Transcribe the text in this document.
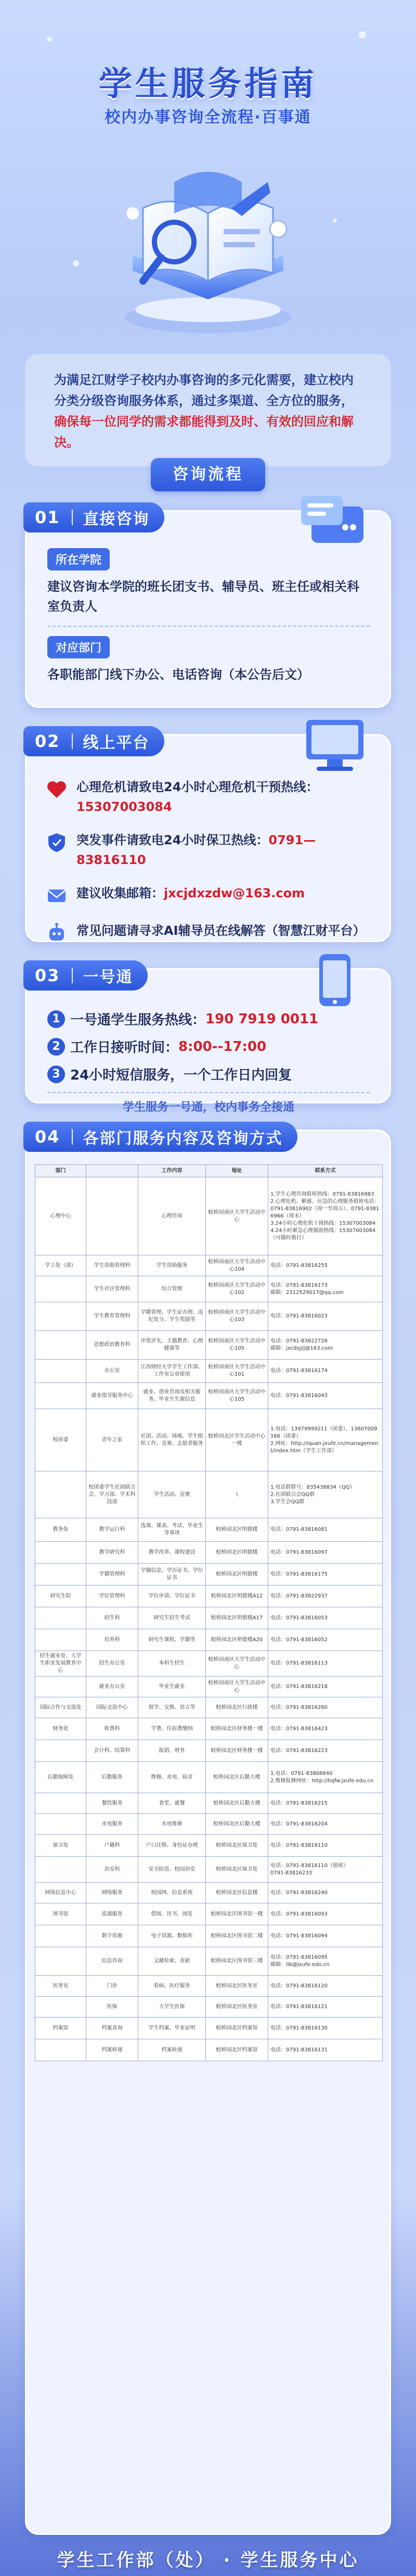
学生服务指南
校内办事咨询全流程·百事通
为满足江财学子校内办事咨询的多元化需要，建立校内分类分级咨询服务体系，通过多渠道、全方位的服务，确保每一位同学的需求都能得到及时、有效的回应和解决。
咨询流程
01 直接咨询
所在学院
建议咨询本学院的班长团支书、辅导员、班主任或相关科室负责人
对应部门
各职能部门线下办公、电话咨询（本公告后文）
02 线上平台
心理危机请致电24小时心理危机干预热线：15307003084
突发事件请致电24小时保卫热线：0791—83816110
建议收集邮箱：jxcjdxzdw@163.com
常见问题请寻求AI辅导员在线解答（智慧江财平台）
03 一号通
1 一号通学生服务热线： 190 7919 0011
2 工作日接听时间： 8:00--17:00
3 24小时短信服务，一个工作日内回复
学生服务一号通，校内事务全接通
04 各部门服务内容及咨询方式
部门		工作内容	地址	联系方式
心理中心		心理咨询	蛟桥园南区大学生活动中心	1.学生心理咨询值班热线：0791-83816983
2.心理危机、解惑、应急的心理服务值班电话：0791-83816902（周一至周五）、0791-83816966（周末）
3.24小时心理危机干预热线：15307003084
4.24小时紧急心理援助热线：15307003084（可随时拨打）
学工处（部）	学生资助管理科	学生资助服务	蛟桥园南区大学生活动中心104	电话：0791-83816255
	学生社区管理科	综合管理	蛟桥园南区大学生活动中心102	电话：0791-83816173
邮箱：2312529017@qq.com
	学生教育管理科	学籍管理、学生证办理、违纪处分、学生奖励等	蛟桥园南区大学生活动中心103	电话：0791-83816023
	思想政治教育科	评优评先、主题教育、心理健康等	蛟桥园南区大学生活动中心105	电话：0791-83822726
邮箱：jxcdsjzj@163.com
	办公室	江西财经大学学生工作部、工作室公章使用	蛟桥园南区大学生活动中心101	电话：0791-83816174
	就业指导服务中心	就业、创业咨询及相关服务、毕业生生源信息	蛟桥园南区大学生活动中心105	电话：0791-83816043
校团委	青年之家	社团、活动、场地、学生组织工作、竞赛、志愿者服务	蛟桥园北区学生活动中心一楼	1.电话：13979999211（团委）、13607009166（团委）
2.网址：http://iquan.jxufe.cn/management/index.htm（学生工作部）
	校团委学生社团联合会、学习部、学术科技部	学生活动、竞赛	\	1.电话群群号：835438834（QQ）
2.社团联合会QQ群
3.学生会QQ群
教务处	教学运行科	选课、课表、考试、毕业生等事项	蛟桥园北区明德楼	电话：0791-83816081
	教学研究科	教学改革、课程建设	蛟桥园北区明德楼	电话：0791-83816097
	学籍管理科	学籍信息、学历证书、学位证书	蛟桥园北区明德楼	电话：0791-83816175
研究生院	学位管理科	学位申请、学位证书	蛟桥园北区明德楼A12	电话：0791-83822937
	招生科	研究生招生考试	蛟桥园北区明德楼A17	电话：0791-83816053
	培养科	研究生课程、学籍等	蛟桥园北区明德楼A20	电话：0791-83816052
招生就业处、大学生职业发展教育中心	招生办公室	本科生招生	蛟桥园南区大学生活动中心	电话：0791-83816113
	就业办公室	毕业生就业	蛟桥园南区大学生活动中心	电话：0791-83816218
国际合作与交流处	国际交流中心	留学、交换、语言等	蛟桥园北区行政楼	电话：0791-83816260
财务处	收费科	学费、住宿费缴纳	蛟桥园北区财务楼一楼	电话：0791-83816423
	会计科、结算科	报销、财务	蛟桥园北区财务楼一楼	电话：0791-83816223
后勤保障处	后勤服务	维修、水电、宿舍	蛟桥园北区后勤大楼	1.电话：0791-83808840
2.维修报修网址：http://hqfw.jxufe.edu.cn
	餐饮服务	食堂、就餐	蛟桥园北区后勤大楼	电话：0791-83816215
	水电服务	水电维修	蛟桥园北区后勤大楼	电话：0791-83816204
保卫处	户籍科	户口迁移、身份证办理	蛟桥园北区保卫处	电话：0791-83816110
	治安科	安全防范、校园治安	蛟桥园北区保卫处	电话：0791-83816110（值班）
0791-83816233
网络信息中心	网络服务	校园网、信息系统	蛟桥园北区信息楼	电话：0791-83816240
图书馆	流通服务	借阅、还书、阅览	蛟桥园北区图书馆一楼	电话：0791-83816093
	数字资源	电子资源、数据库	蛟桥园北区图书馆二楼	电话：0791-83816094
	信息咨询	文献检索、查新	蛟桥园北区图书馆三楼	电话：0791-83816095
邮箱：lib@jxufe.edu.cn
医务室	门诊	看病、医疗服务	蛟桥园北区医务室	电话：0791-83816120
	医保	大学生医保	蛟桥园北区医务室	电话：0791-83816121
档案馆	档案查询	学生档案、毕业证明	蛟桥园北区档案馆	电话：0791-83816130
	档案转递	档案转递	蛟桥园北区档案馆	电话：0791-83816131
学生工作部（处） · 学生服务中心
